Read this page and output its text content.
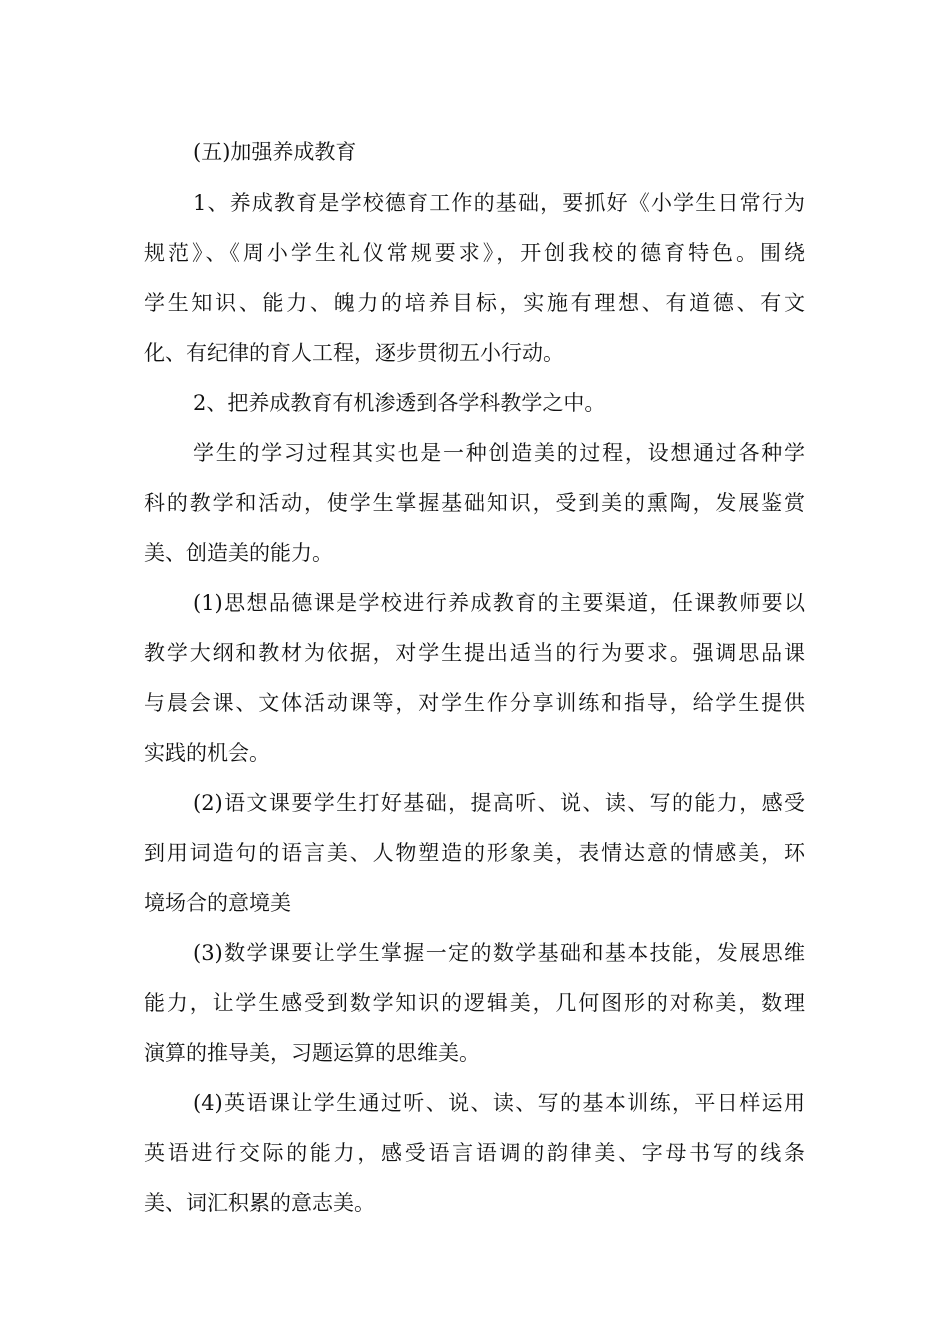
(五)加强养成教育
1、养成教育是学校德育工作的基础，要抓好《小学生日常行为
规范》、《周小学生礼仪常规要求》，开创我校的德育特色。围绕
学生知识、能力、魄力的培养目标，实施有理想、有道德、有文
化、有纪律的育人工程，逐步贯彻五小行动。
2、把养成教育有机渗透到各学科教学之中。
学生的学习过程其实也是一种创造美的过程，设想通过各种学
科的教学和活动，使学生掌握基础知识，受到美的熏陶，发展鉴赏
美、创造美的能力。
(1)思想品德课是学校进行养成教育的主要渠道，任课教师要以
教学大纲和教材为依据，对学生提出适当的行为要求。强调思品课
与晨会课、文体活动课等，对学生作分享训练和指导，给学生提供
实践的机会。
(2)语文课要学生打好基础，提高听、说、读、写的能力，感受
到用词造句的语言美、人物塑造的形象美，表情达意的情感美，环
境场合的意境美
(3)数学课要让学生掌握一定的数学基础和基本技能，发展思维
能力，让学生感受到数学知识的逻辑美，几何图形的对称美，数理
演算的推导美，习题运算的思维美。
(4)英语课让学生通过听、说、读、写的基本训练，平日样运用
英语进行交际的能力，感受语言语调的韵律美、字母书写的线条
美、词汇积累的意志美。
